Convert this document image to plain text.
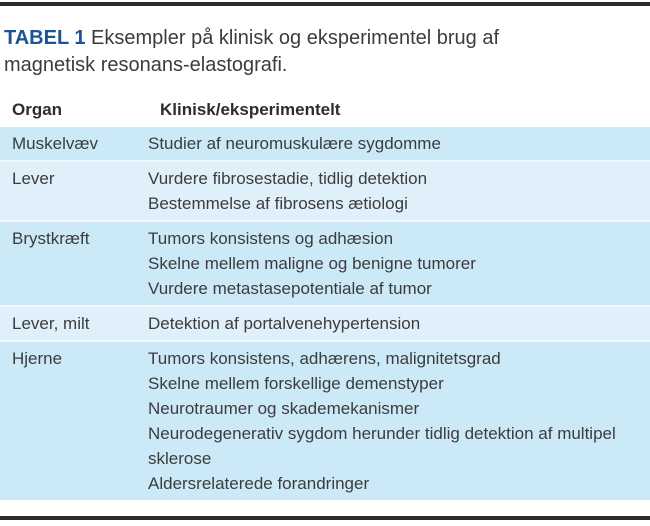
TABEL 1 Eksempler på klinisk og eksperimentel brug af magnetisk resonans-elastografi.

Organ	Klinisk/eksperimentelt
Muskelvæv	Studier af neuromuskulære sygdomme
Lever	Vurdere fibrosestadie, tidlig detektion
Bestemmelse af fibrosens ætiologi
Brystkræft	Tumors konsistens og adhæsion
Skelne mellem maligne og benigne tumorer
Vurdere metastasepotentiale af tumor
Lever, milt	Detektion af portalvenehypertension
Hjerne	Tumors konsistens, adhærens, malignitetsgrad
Skelne mellem forskellige demenstyper
Neurotraumer og skademekanismer
Neurodegenerativ sygdom herunder tidlig detektion af multipel sklerose
Aldersrelaterede forandringer
